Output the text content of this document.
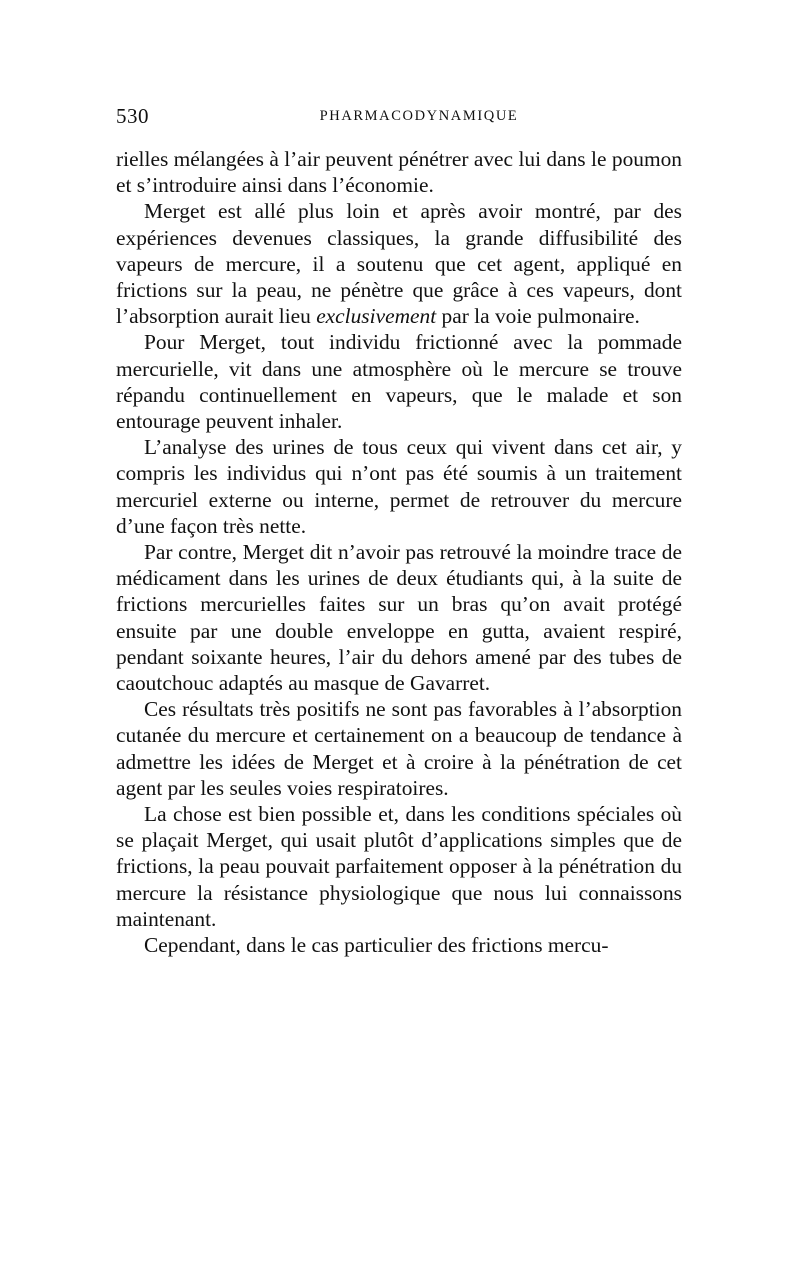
530	PHARMACODYNAMIQUE

rielles mélangées à l’air peuvent pénétrer avec lui dans le poumon et s’introduire ainsi dans l’économie.

Merget est allé plus loin et après avoir montré, par des expériences devenues classiques, la grande diffusibilité des vapeurs de mercure, il a soutenu que cet agent, appliqué en frictions sur la peau, ne pénètre que grâce à ces vapeurs, dont l’absorption aurait lieu exclusivement par la voie pulmonaire.

Pour Merget, tout individu frictionné avec la pommade mercurielle, vit dans une atmosphère où le mercure se trouve répandu continuellement en vapeurs, que le malade et son entourage peuvent inhaler.

L’analyse des urines de tous ceux qui vivent dans cet air, y compris les individus qui n’ont pas été soumis à un traitement mercuriel externe ou interne, permet de retrouver du mercure d’une façon très nette.

Par contre, Merget dit n’avoir pas retrouvé la moindre trace de médicament dans les urines de deux étudiants qui, à la suite de frictions mercurielles faites sur un bras qu’on avait protégé ensuite par une double enveloppe en gutta, avaient respiré, pendant soixante heures, l’air du dehors amené par des tubes de caoutchouc adaptés au masque de Gavarret.

Ces résultats très positifs ne sont pas favorables à l’absorption cutanée du mercure et certainement on a beaucoup de tendance à admettre les idées de Merget et à croire à la pénétration de cet agent par les seules voies respiratoires.

La chose est bien possible et, dans les conditions spéciales où se plaçait Merget, qui usait plutôt d’applications simples que de frictions, la peau pouvait parfaitement opposer à la pénétration du mercure la résistance physiologique que nous lui connaissons maintenant.

Cependant, dans le cas particulier des frictions mercu-
